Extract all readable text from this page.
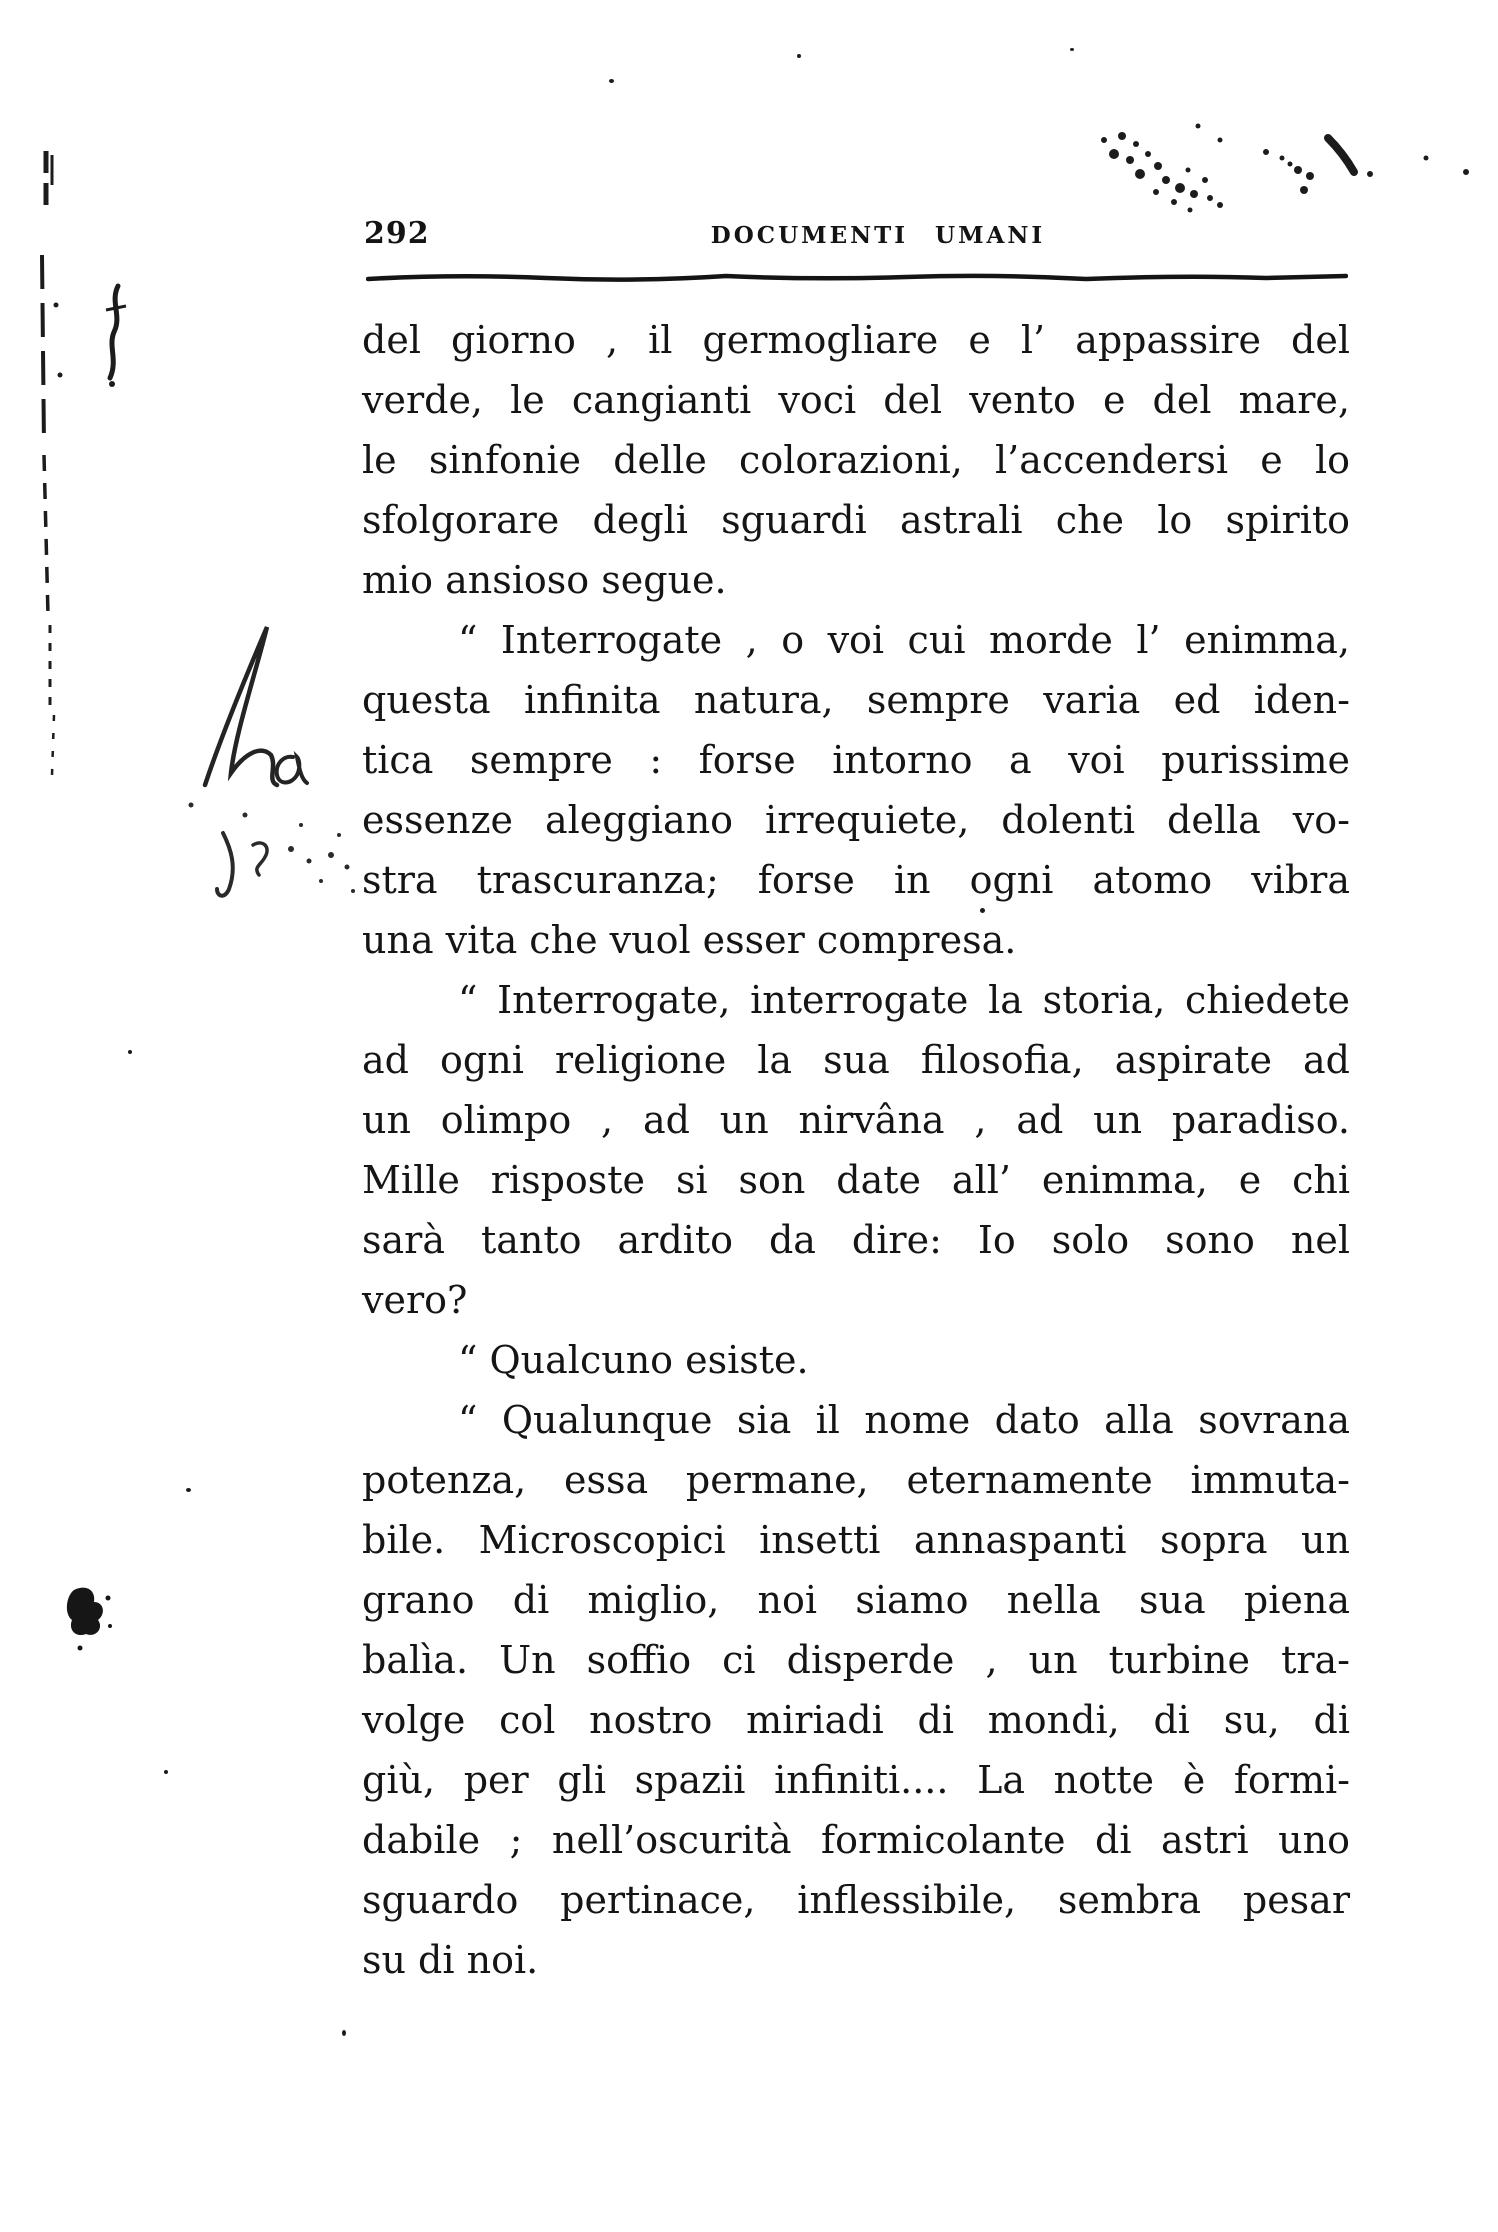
292	DOCUMENTI UMANI
del giorno , il germogliare e l’ appassire del
verde, le cangianti voci del vento e del mare,
le sinfonie delle colorazioni, l’accendersi e lo
sfolgorare degli sguardi astrali che lo spirito
mio ansioso segue.
“ Interrogate , o voi cui morde l’ enimma,
questa infinita natura, sempre varia ed iden-
tica sempre : forse intorno a voi purissime
essenze aleggiano irrequiete, dolenti della vo-
stra trascuranza; forse in ogni atomo vibra
una vita che vuol esser compresa.
“ Interrogate, interrogate la storia, chiedete
ad ogni religione la sua filosofia, aspirate ad
un olimpo , ad un nirvâna , ad un paradiso.
Mille risposte si son date all’ enimma, e chi
sarà tanto ardito da dire: Io solo sono nel
vero?
“ Qualcuno esiste.
“ Qualunque sia il nome dato alla sovrana
potenza, essa permane, eternamente immuta-
bile. Microscopici insetti annaspanti sopra un
grano di miglio, noi siamo nella sua piena
balìa. Un soffio ci disperde , un turbine tra-
volge col nostro miriadi di mondi, di su, di
giù, per gli spazii infiniti.... La notte è formi-
dabile ; nell’oscurità formicolante di astri uno
sguardo pertinace, inflessibile, sembra pesar
su di noi.
